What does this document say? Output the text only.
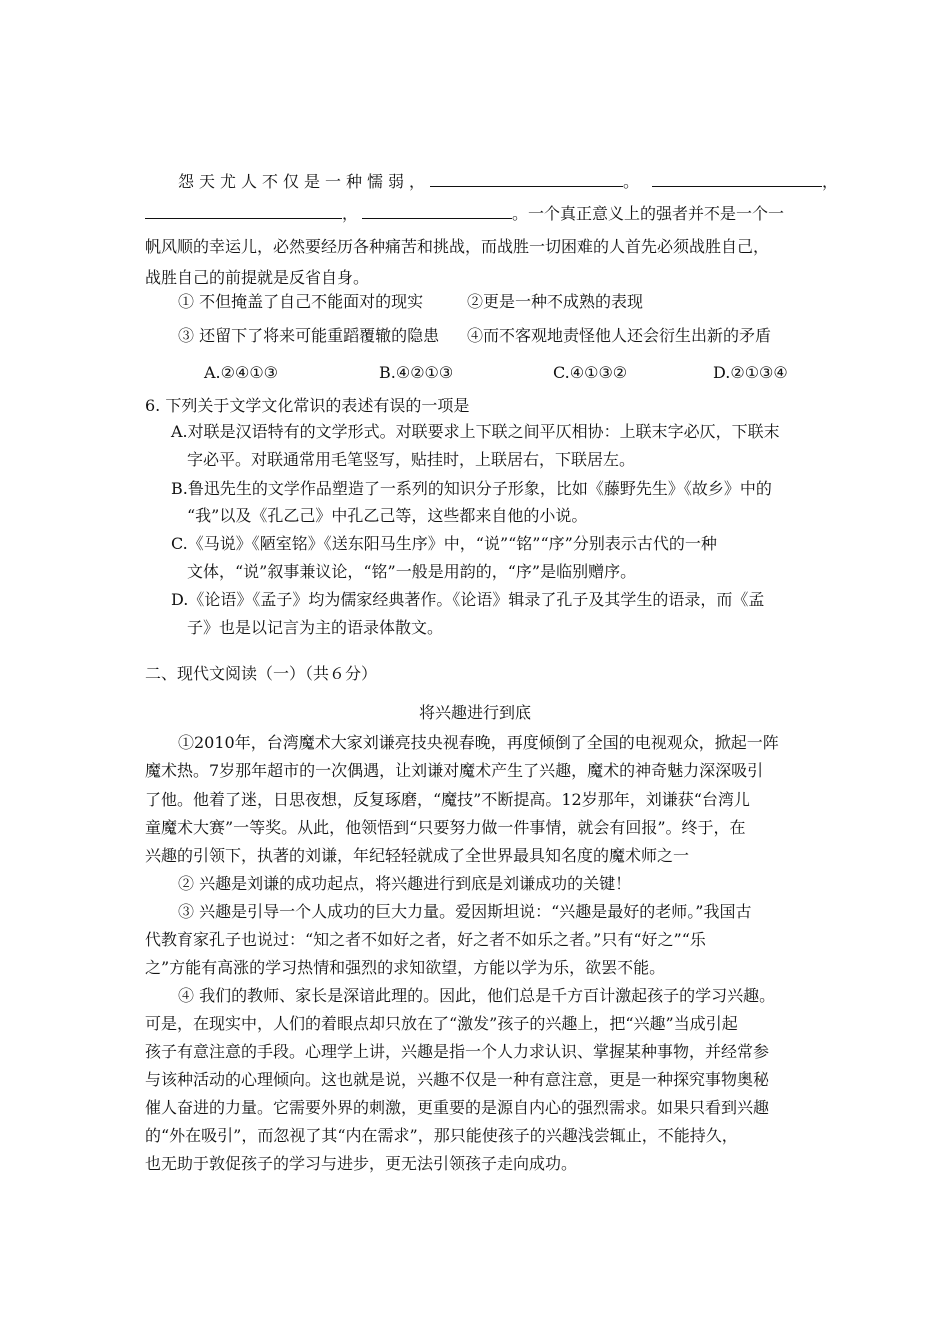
怨天尤人不仅是一种懦弱，	。	，
，	。一个真正意义上的强者并不是一个一
帆风顺的幸运儿，必然要经历各种痛苦和挑战，而战胜一切困难的人首先必须战胜自己，
战胜自己的前提就是反省自身。
① 不但掩盖了自己不能面对的现实	②更是一种不成熟的表现
③ 还留下了将来可能重蹈覆辙的隐患 ④而不客观地责怪他人还会衍生出新的矛盾
A.②④①③	B.④②①③	C.④①③②	D.②①③④
6. 下列关于文学文化常识的表述有误的一项是
A.对联是汉语特有的文学形式。对联要求上下联之间平仄相协：上联末字必仄，下联末
字必平。对联通常用毛笔竖写，贴挂时，上联居右，下联居左。
B.鲁迅先生的文学作品塑造了一系列的知识分子形象，比如《藤野先生》《故乡》中的
“我”以及《孔乙己》中孔乙己等，这些都来自他的小说。
C.《马说》《陋室铭》《送东阳马生序》中，“说”“铭”“序”分别表示古代的一种
文体，“说”叙事兼议论，“铭”一般是用韵的，“序”是临别赠序。
D.《论语》《孟子》均为儒家经典著作。《论语》辑录了孔子及其学生的语录，而《孟
子》也是以记言为主的语录体散文。
二、现代文阅读（一）（共６分）
将兴趣进行到底
①2010年，台湾魔术大家刘谦亮技央视春晚，再度倾倒了全国的电视观众，掀起一阵
魔术热。7岁那年超市的一次偶遇，让刘谦对魔术产生了兴趣，魔术的神奇魅力深深吸引
了他。他着了迷，日思夜想，反复琢磨，“魔技”不断提高。12岁那年，刘谦获“台湾儿
童魔术大赛”一等奖。从此，他领悟到“只要努力做一件事情，就会有回报”。终于，在
兴趣的引领下，执著的刘谦，年纪轻轻就成了全世界最具知名度的魔术师之一
② 兴趣是刘谦的成功起点，将兴趣进行到底是刘谦成功的关键！
③ 兴趣是引导一个人成功的巨大力量。爱因斯坦说：“兴趣是最好的老师。”我国古
代教育家孔子也说过：“知之者不如好之者，好之者不如乐之者。”只有“好之”“乐
之”方能有高涨的学习热情和强烈的求知欲望，方能以学为乐，欲罢不能。
④ 我们的教师、家长是深谙此理的。因此，他们总是千方百计激起孩子的学习兴趣。
可是，在现实中，人们的着眼点却只放在了“激发”孩子的兴趣上，把“兴趣”当成引起
孩子有意注意的手段。心理学上讲，兴趣是指一个人力求认识、掌握某种事物，并经常参
与该种活动的心理倾向。这也就是说，兴趣不仅是一种有意注意，更是一种探究事物奥秘
催人奋进的力量。它需要外界的刺激，更重要的是源自内心的强烈需求。如果只看到兴趣
的“外在吸引”，而忽视了其“内在需求”，那只能使孩子的兴趣浅尝辄止，不能持久，
也无助于敦促孩子的学习与进步，更无法引领孩子走向成功。
